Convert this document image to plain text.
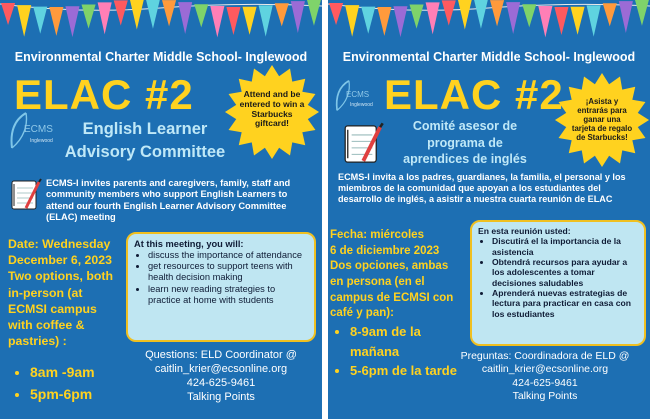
Environmental Charter Middle School- Inglewood
ELAC #2	Attend and be entered to win a Starbucks giftcard!
ECMS
Inglewood
English Learner
Advisory Committee
ECMS-I invites parents and caregivers, family, staff and community members who support English Learners to attend our fourth English Learner Advisory Committee (ELAC) meeting
Date: Wednesday
December 6, 2023
Two options, both
in-person (at
ECMSI campus
with coffee &
pastries) :
• 8am -9am
• 5pm-6pm
At this meeting, you will:
• discuss the importance of attendance
• get resources to support teens with health decision making
• learn new reading strategies to practice at home with students
Questions: ELD Coordinator @
caitlin_krier@ecsonline.org
424-625-9461
Talking Points
Environmental Charter Middle School- Inglewood
ELAC #2	¡Asista y entrarás para ganar una tarjeta de regalo de Starbucks!
ECMS
Inglewood
Comité asesor de
programa de
aprendices de inglés
ECMS-I invita a los padres, guardianes, la familia, el personal y los miembros de la comunidad que apoyan a los estudiantes del desarrollo de inglés, a asistir a nuestra cuarta reunión de ELAC
Fecha: miércoles
6 de diciembre 2023
Dos opciones, ambas
en persona (en el
campus de ECMSI con
café y pan):
• 8-9am de la mañana
• 5-6pm de la tarde
En esta reunión usted:
• Discutirá el la importancia de la asistencia
• Obtendrá recursos para ayudar a los adolescentes a tomar decisiones saludables
• Aprenderá nuevas estrategias de lectura para practicar en casa con los estudiantes
Preguntas: Coordinadora de ELD @
caitlin_krier@ecsonline.org
424-625-9461
Talking Points
